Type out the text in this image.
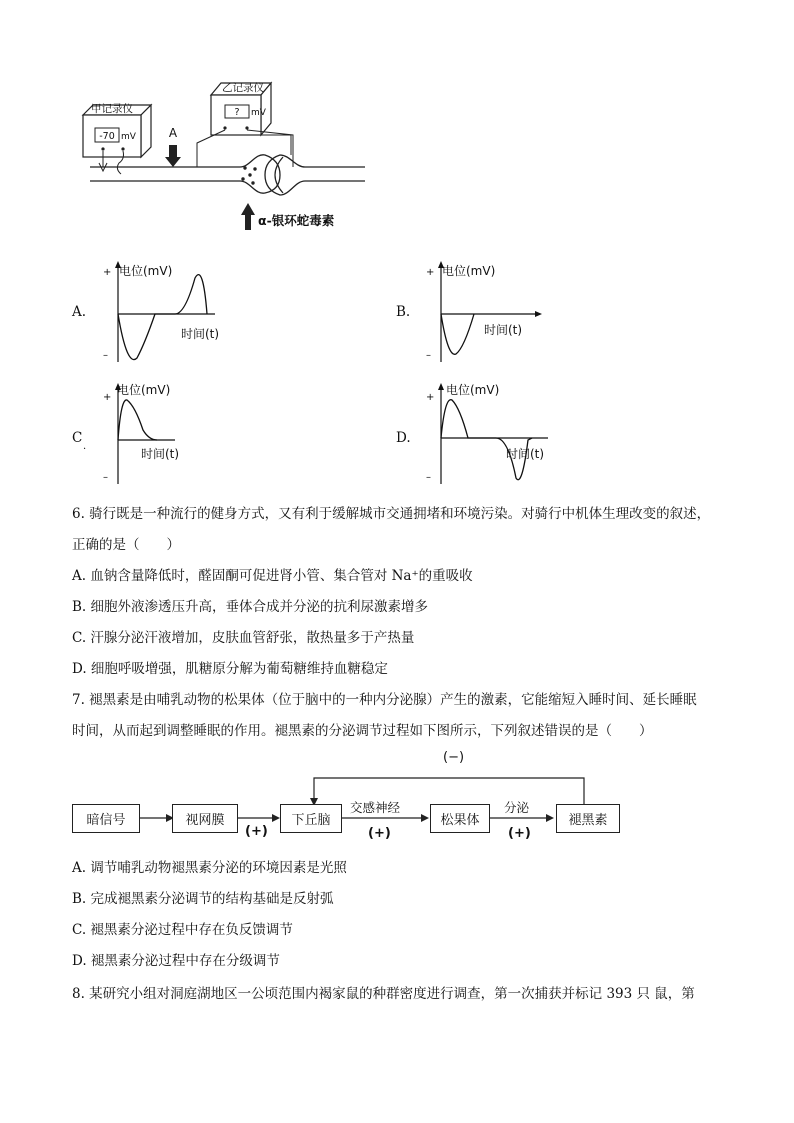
甲记录仪
-70 mV
乙记录仪
? mV
A
α-银环蛇毒素
A.
+
–
电位(mV)
时间(t)
B.
+
–
电位(mV)
时间(t)
C
·
+
–
电位(mV)
时间(t)
D.
+
–
电位(mV)
时间(t)
6. 骑行既是一种流行的健身方式，又有利于缓解城市交通拥堵和环境污染。对骑行中机体生理改变的叙述，
正确的是（　　）
A. 血钠含量降低时，醛固酮可促进肾小管、集合管对 Na⁺的重吸收
B. 细胞外液渗透压升高，垂体合成并分泌的抗利尿激素增多
C. 汗腺分泌汗液增加，皮肤血管舒张，散热量多于产热量
D. 细胞呼吸增强，肌糖原分解为葡萄糖维持血糖稳定
7. 褪黑素是由哺乳动物的松果体（位于脑中的一种内分泌腺）产生的激素，它能缩短入睡时间、延长睡眠
时间，从而起到调整睡眠的作用。褪黑素的分泌调节过程如下图所示，下列叙述错误的是（　　）
(−)
暗信号	视网膜	下丘脑	松果体	褪黑素
交感神经	分泌
(+)	(+)	(+)
A. 调节哺乳动物褪黑素分泌的环境因素是光照
B. 完成褪黑素分泌调节的结构基础是反射弧
C. 褪黑素分泌过程中存在负反馈调节
D. 褪黑素分泌过程中存在分级调节
8. 某研究小组对洞庭湖地区一公顷范围内褐家鼠的种群密度进行调查，第一次捕获并标记 393 只 鼠，第
